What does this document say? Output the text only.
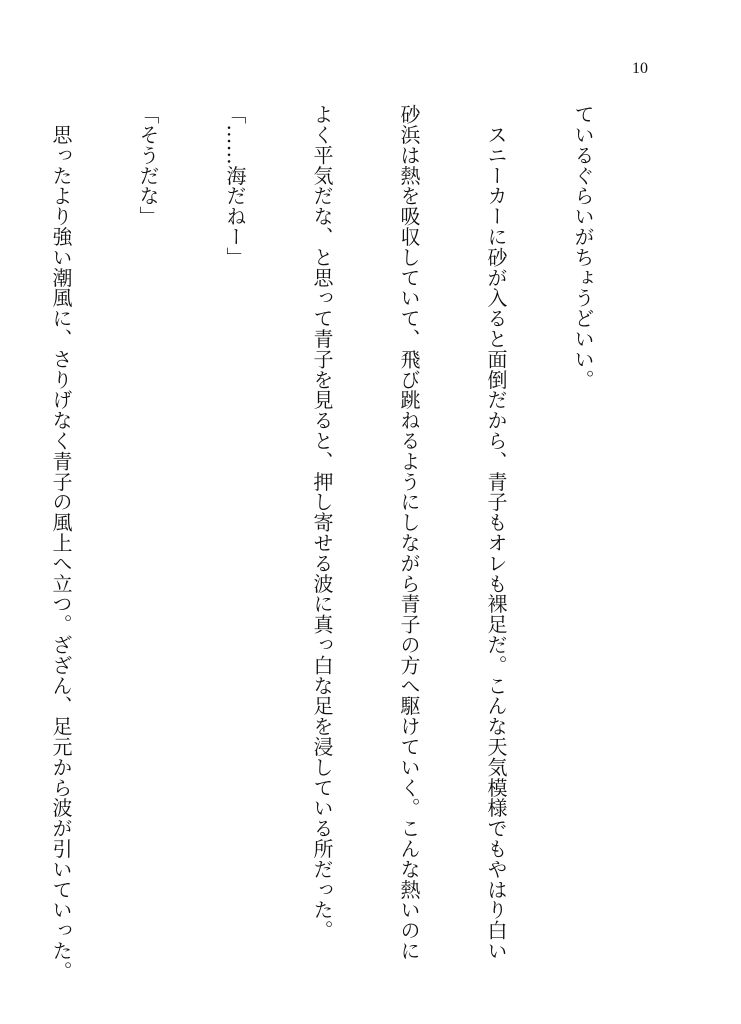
10

ているぐらいがちょうどいい。

　スニーカーに砂が入ると面倒だから、青子もオレも裸足だ。こんな天気模様でもやはり白い

砂浜は熱を吸収していて、飛び跳ねるようにしながら青子の方へ駆けていく。こんな熱いのに

よく平気だな、と思って青子を見ると、押し寄せる波に真っ白な足を浸している所だった。

「……海だねー」

「そうだな」

　思ったより強い潮風に、さりげなく青子の風上へ立つ。ざざん、足元から波が引いていった。
